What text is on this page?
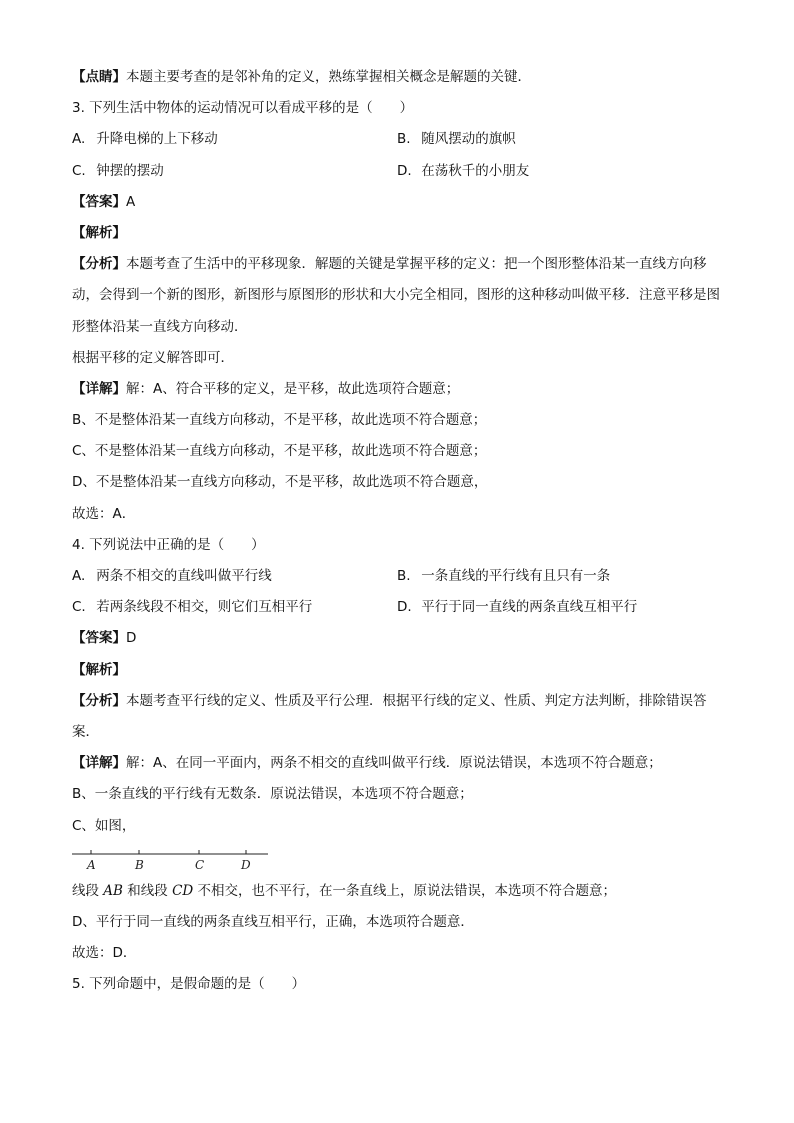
【点睛】本题主要考查的是邻补角的定义，熟练掌握相关概念是解题的关键．
3. 下列生活中物体的运动情况可以看成平移的是（　　）
A. 升降电梯的上下移动	B. 随风摆动的旗帜
C. 钟摆的摆动	D. 在荡秋千的小朋友
【答案】A
【解析】
【分析】本题考查了生活中的平移现象．解题的关键是掌握平移的定义：把一个图形整体沿某一直线方向移动，会得到一个新的图形，新图形与原图形的形状和大小完全相同，图形的这种移动叫做平移．注意平移是图形整体沿某一直线方向移动．
根据平移的定义解答即可．
【详解】解：A、符合平移的定义，是平移，故此选项符合题意；
B、不是整体沿某一直线方向移动，不是平移，故此选项不符合题意；
C、不是整体沿某一直线方向移动，不是平移，故此选项不符合题意；
D、不是整体沿某一直线方向移动，不是平移，故此选项不符合题意，
故选：A．
4. 下列说法中正确的是（　　）
A. 两条不相交的直线叫做平行线	B. 一条直线的平行线有且只有一条
C. 若两条线段不相交，则它们互相平行	D. 平行于同一直线的两条直线互相平行
【答案】D
【解析】
【分析】本题考查平行线的定义、性质及平行公理．根据平行线的定义、性质、判定方法判断，排除错误答案．
【详解】解：A、在同一平面内，两条不相交的直线叫做平行线．原说法错误，本选项不符合题意；
B、一条直线的平行线有无数条．原说法错误，本选项不符合题意；
C、如图，
A	B	C	D
线段 AB 和线段 CD 不相交，也不平行，在一条直线上，原说法错误，本选项不符合题意；
D、平行于同一直线的两条直线互相平行，正确，本选项符合题意．
故选：D．
5. 下列命题中，是假命题的是（　　）
